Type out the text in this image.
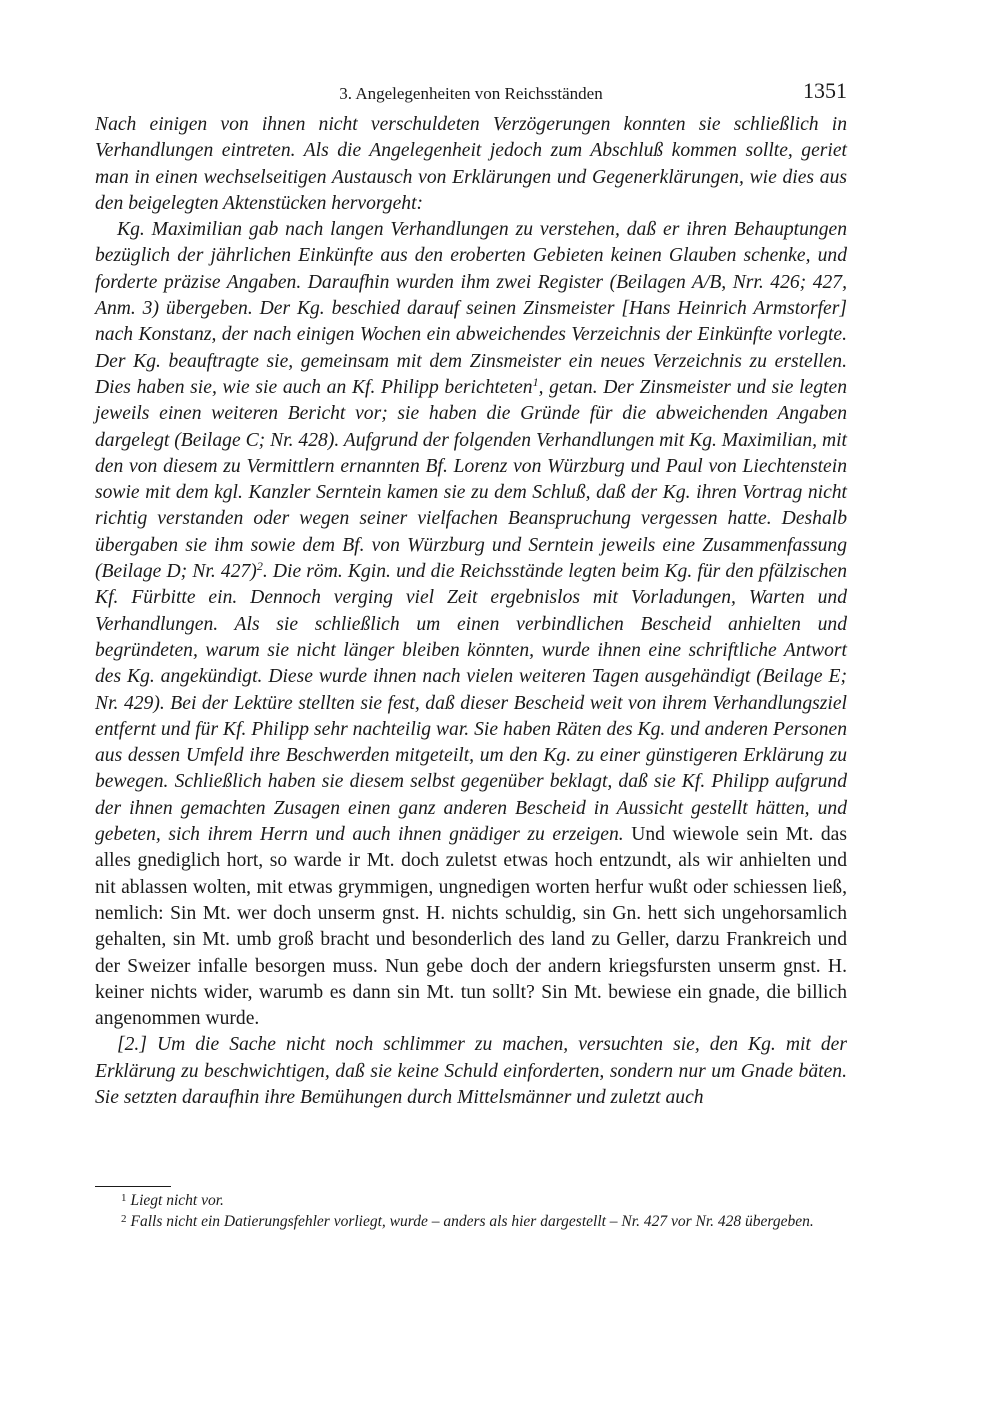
3. Angelegenheiten von Reichsständen	1351

Nach einigen von ihnen nicht verschuldeten Verzögerungen konnten sie schließlich in Verhandlungen eintreten. Als die Angelegenheit jedoch zum Abschluß kommen sollte, geriet man in einen wechselseitigen Austausch von Erklärungen und Gegenerklärungen, wie dies aus den beigelegten Aktenstücken hervorgeht:

Kg. Maximilian gab nach langen Verhandlungen zu verstehen, daß er ihren Behauptungen bezüglich der jährlichen Einkünfte aus den eroberten Gebieten keinen Glauben schenke, und forderte präzise Angaben. Daraufhin wurden ihm zwei Register (Beilagen A/B, Nrr. 426; 427, Anm. 3) übergeben. Der Kg. beschied darauf seinen Zinsmeister [Hans Heinrich Armstorfer] nach Konstanz, der nach einigen Wochen ein abweichendes Verzeichnis der Einkünfte vorlegte. Der Kg. beauftragte sie, gemeinsam mit dem Zinsmeister ein neues Verzeichnis zu erstellen. Dies haben sie, wie sie auch an Kf. Philipp berichteten$^1$, getan. Der Zinsmeister und sie legten jeweils einen weiteren Bericht vor; sie haben die Gründe für die abweichenden Angaben dargelegt (Beilage C; Nr. 428). Aufgrund der folgenden Verhandlungen mit Kg. Maximilian, mit den von diesem zu Vermittlern ernannten Bf. Lorenz von Würzburg und Paul von Liechtenstein sowie mit dem kgl. Kanzler Serntein kamen sie zu dem Schluß, daß der Kg. ihren Vortrag nicht richtig verstanden oder wegen seiner vielfachen Beanspruchung vergessen hatte. Deshalb übergaben sie ihm sowie dem Bf. von Würzburg und Serntein jeweils eine Zusammenfassung (Beilage D; Nr. 427)$^2$. Die röm. Kgin. und die Reichsstände legten beim Kg. für den pfälzischen Kf. Fürbitte ein. Dennoch verging viel Zeit ergebnislos mit Vorladungen, Warten und Verhandlungen. Als sie schließlich um einen verbindlichen Bescheid anhielten und begründeten, warum sie nicht länger bleiben könnten, wurde ihnen eine schriftliche Antwort des Kg. angekündigt. Diese wurde ihnen nach vielen weiteren Tagen ausgehändigt (Beilage E; Nr. 429). Bei der Lektüre stellten sie fest, daß dieser Bescheid weit von ihrem Verhandlungsziel entfernt und für Kf. Philipp sehr nachteilig war. Sie haben Räten des Kg. und anderen Personen aus dessen Umfeld ihre Beschwerden mitgeteilt, um den Kg. zu einer günstigeren Erklärung zu bewegen. Schließlich haben sie diesem selbst gegenüber beklagt, daß sie Kf. Philipp aufgrund der ihnen gemachten Zusagen einen ganz anderen Bescheid in Aussicht gestellt hätten, und gebeten, sich ihrem Herrn und auch ihnen gnädiger zu erzeigen. Und wiewole sein Mt. das alles gnediglich hort, so warde ir Mt. doch zuletst etwas hoch entzundt, als wir anhielten und nit ablassen wolten, mit etwas grymmigen, ungnedigen worten herfur wußt oder schiessen ließ, nemlich: Sin Mt. wer doch unserm gnst. H. nichts schuldig, sin Gn. hett sich ungehorsamlich gehalten, sin Mt. umb groß bracht und besonderlich des land zu Geller, darzu Frankreich und der Sweizer infalle besorgen muss. Nun gebe doch der andern kriegsfursten unserm gnst. H. keiner nichts wider, warumb es dann sin Mt. tun sollt? Sin Mt. bewiese ein gnade, die billich angenommen wurde.

[2.] Um die Sache nicht noch schlimmer zu machen, versuchten sie, den Kg. mit der Erklärung zu beschwichtigen, daß sie keine Schuld einforderten, sondern nur um Gnade bäten. Sie setzten daraufhin ihre Bemühungen durch Mittelsmänner und zuletzt auch

$^1$ Liegt nicht vor.

$^2$ Falls nicht ein Datierungsfehler vorliegt, wurde – anders als hier dargestellt – Nr. 427 vor Nr. 428 übergeben.
